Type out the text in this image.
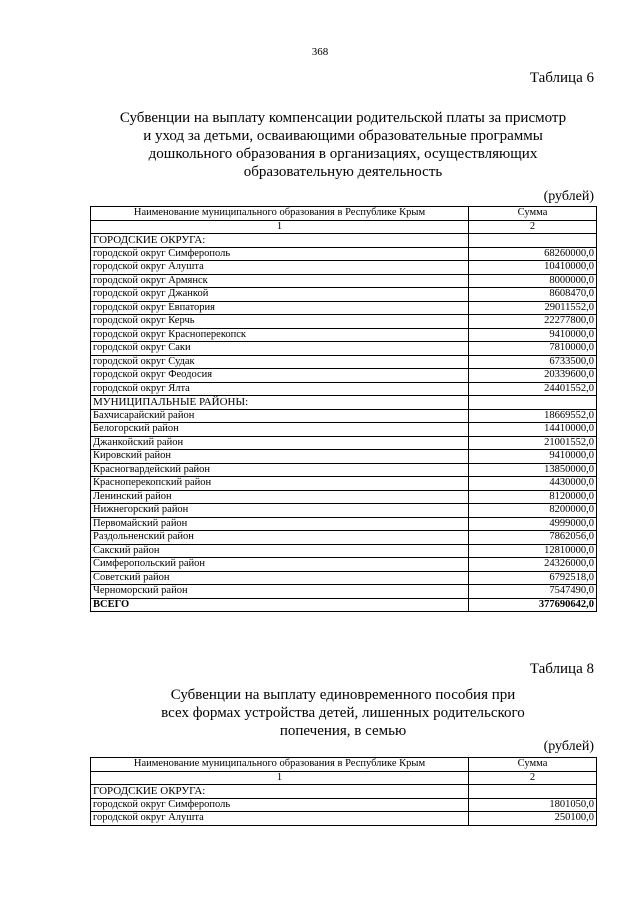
368
Таблица 6
Субвенции на выплату компенсации родительской платы за присмотр
и уход за детьми, осваивающими образовательные программы
дошкольного образования в организациях, осуществляющих
образовательную деятельность
(рублей)
Наименование муниципального образования в Республике Крым	Сумма
1	2
ГОРОДСКИЕ ОКРУГА:	
городской округ Симферополь	68260000,0
городской округ Алушта	10410000,0
городской округ Армянск	8000000,0
городской округ Джанкой	8608470,0
городской округ Евпатория	29011552,0
городской округ Керчь	22277800,0
городской округ Красноперекопск	9410000,0
городской округ Саки	7810000,0
городской округ Судак	6733500,0
городской округ Феодосия	20339600,0
городской округ Ялта	24401552,0
МУНИЦИПАЛЬНЫЕ РАЙОНЫ:	
Бахчисарайский район	18669552,0
Белогорский район	14410000,0
Джанкойский район	21001552,0
Кировский район	9410000,0
Красногвардейский район	13850000,0
Красноперекопский район	4430000,0
Ленинский район	8120000,0
Нижнегорский район	8200000,0
Первомайский район	4999000,0
Раздольненский район	7862056,0
Сакский район	12810000,0
Симферопольский район	24326000,0
Советский район	6792518,0
Черноморский район	7547490,0
ВСЕГО	377690642,0
Таблица 8
Субвенции на выплату единовременного пособия при
всех формах устройства детей, лишенных родительского
попечения, в семью
(рублей)
Наименование муниципального образования в Республике Крым	Сумма
1	2
ГОРОДСКИЕ ОКРУГА:	
городской округ Симферополь	1801050,0
городской округ Алушта	250100,0
